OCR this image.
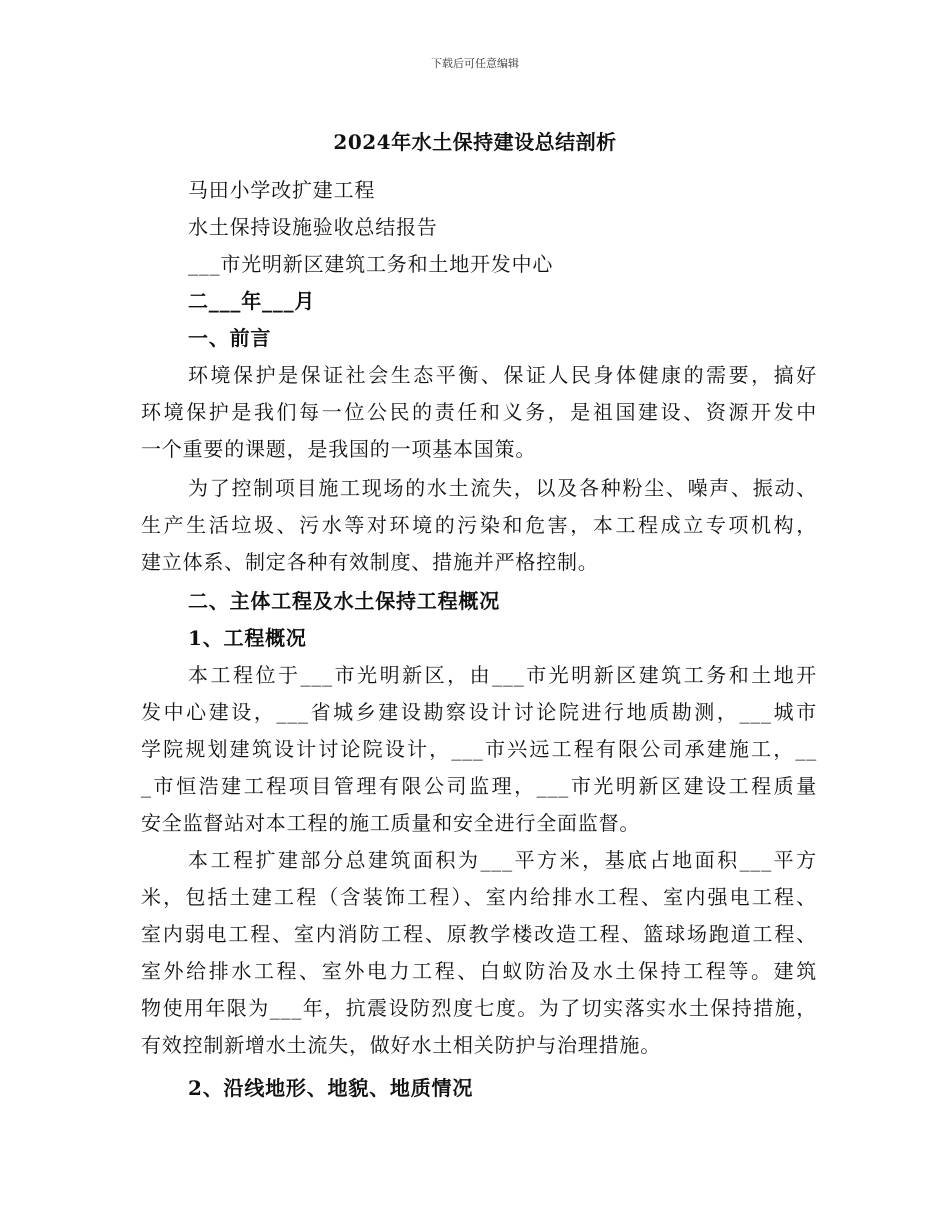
下载后可任意编辑
2024年水土保持建设总结剖析
马田小学改扩建工程
水土保持设施验收总结报告
___市光明新区建筑工务和土地开发中心
二___年___月
一、前言
环境保护是保证社会生态平衡、保证人民身体健康的需要，搞好
环境保护是我们每一位公民的责任和义务，是祖国建设、资源开发中
一个重要的课题，是我国的一项基本国策。
为了控制项目施工现场的水土流失，以及各种粉尘、噪声、振动、
生产生活垃圾、污水等对环境的污染和危害，本工程成立专项机构，
建立体系、制定各种有效制度、措施并严格控制。
二、主体工程及水土保持工程概况
1、工程概况
本工程位于___市光明新区，由___市光明新区建筑工务和土地开
发中心建设，___省城乡建设勘察设计讨论院进行地质勘测，___城市
学院规划建筑设计讨论院设计，___市兴远工程有限公司承建施工，__
_市恒浩建工程项目管理有限公司监理，___市光明新区建设工程质量
安全监督站对本工程的施工质量和安全进行全面监督。
本工程扩建部分总建筑面积为___平方米，基底占地面积___平方
米，包括土建工程（含装饰工程）、室内给排水工程、室内强电工程、
室内弱电工程、室内消防工程、原教学楼改造工程、篮球场跑道工程、
室外给排水工程、室外电力工程、白蚁防治及水土保持工程等。建筑
物使用年限为___年，抗震设防烈度七度。为了切实落实水土保持措施，
有效控制新增水土流失，做好水土相关防护与治理措施。
2、沿线地形、地貌、地质情况
